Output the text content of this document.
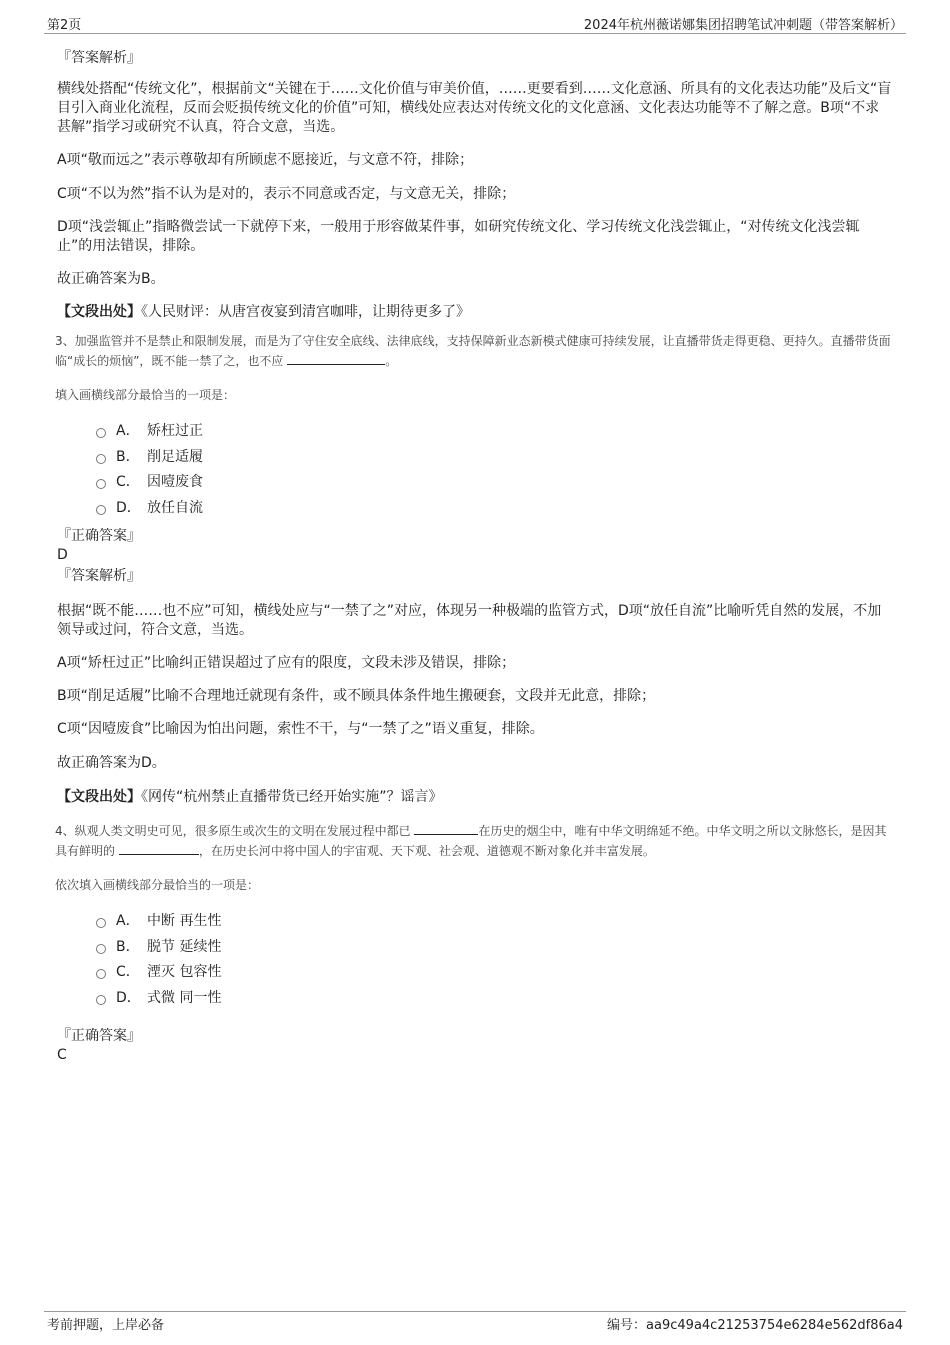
第2页	2024年杭州薇诺娜集团招聘笔试冲刺题（带答案解析）

『答案解析』

横线处搭配“传统文化”，根据前文“关键在于……文化价值与审美价值，……更要看到……文化意涵、所具有的文化表达功能”及后文“盲目引入商业化流程，反而会贬损传统文化的价值”可知，横线处应表达对传统文化的文化意涵、文化表达功能等不了解之意。B项“不求甚解”指学习或研究不认真，符合文意，当选。

A项“敬而远之”表示尊敬却有所顾虑不愿接近，与文意不符，排除；

C项“不以为然”指不认为是对的，表示不同意或否定，与文意无关，排除；

D项“浅尝辄止”指略微尝试一下就停下来，一般用于形容做某件事，如研究传统文化、学习传统文化浅尝辄止，“对传统文化浅尝辄止”的用法错误，排除。

故正确答案为B。

【文段出处】《人民财评：从唐宫夜宴到清宫咖啡，让期待更多了》

3、加强监管并不是禁止和限制发展，而是为了守住安全底线、法律底线，支持保障新业态新模式健康可持续发展，让直播带货走得更稳、更持久。直播带货面临“成长的烦恼”，既不能一禁了之，也不应	。

填入画横线部分最恰当的一项是：

A． 矫枉过正
B． 削足适履
C． 因噎废食
D． 放任自流

『正确答案』

D

『答案解析』

根据“既不能……也不应”可知，横线处应与“一禁了之”对应，体现另一种极端的监管方式，D项“放任自流”比喻听凭自然的发展，不加领导或过问，符合文意，当选。

A项“矫枉过正”比喻纠正错误超过了应有的限度，文段未涉及错误，排除；

B项“削足适履”比喻不合理地迁就现有条件，或不顾具体条件地生搬硬套，文段并无此意，排除；

C项“因噎废食”比喻因为怕出问题，索性不干，与“一禁了之”语义重复，排除。

故正确答案为D。

【文段出处】《网传“杭州禁止直播带货已经开始实施”？谣言》

4、纵观人类文明史可见，很多原生或次生的文明在发展过程中都已	在历史的烟尘中，唯有中华文明绵延不绝。中华文明之所以文脉悠长，是因其具有鲜明的	，在历史长河中将中国人的宇宙观、天下观、社会观、道德观不断对象化并丰富发展。

依次填入画横线部分最恰当的一项是：

A． 中断 再生性
B． 脱节 延续性
C． 湮灭 包容性
D． 式微 同一性

『正确答案』

C

考前押题，上岸必备	编号：aa9c49a4c21253754e6284e562df86a4
